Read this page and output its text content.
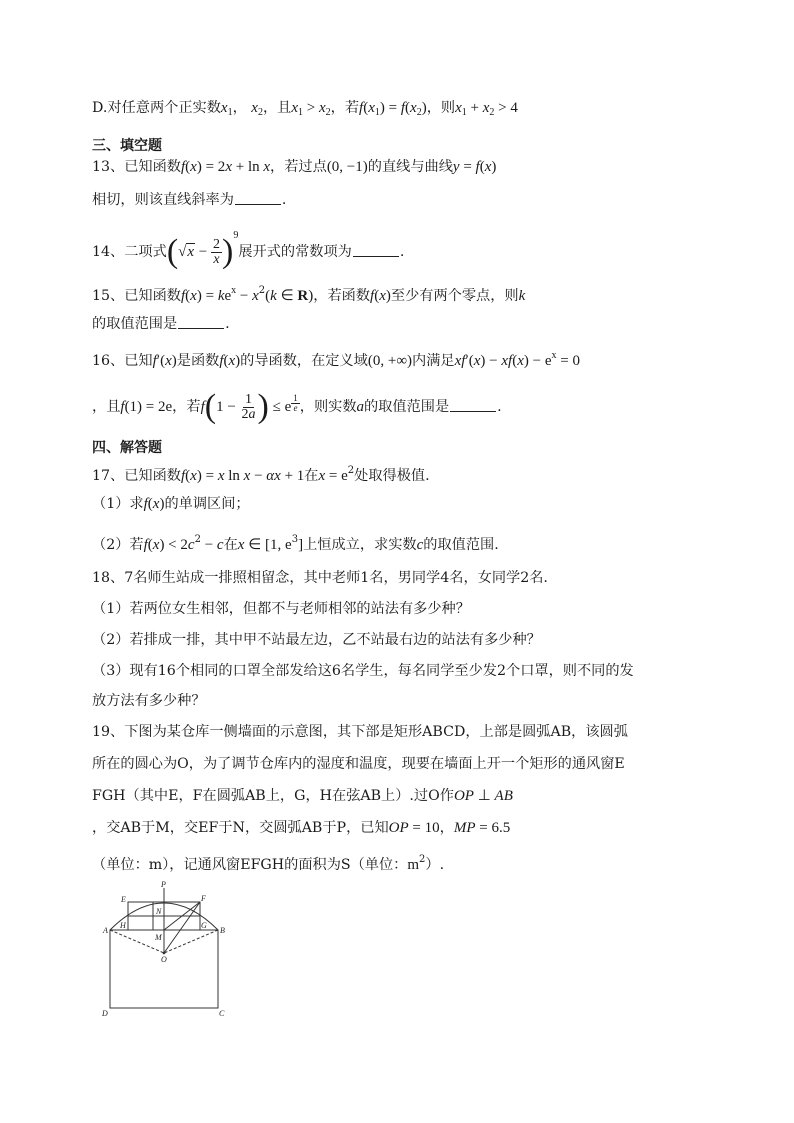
D.对任意两个正实数$x_1$， $x_2$，且$x_1 > x_2$，若$f(x_1) = f(x_2)$，则$x_1 + x_2 > 4$
三、填空题
13、已知函数f(x) = 2x + ln x，若过点(0, −1)的直线与曲线y = f(x)
相切，则该直线斜率为	.
14、二项式$(√x - \frac{2}{x} )^9$展开式的常数项为	.
15、已知函数$f(x) = ke^x - x^2(k$ ∈ R)，若函数f(x)至少有两个零点，则k
的取值范围是	.
16、已知f′(x)是函数f(x)的导函数，在定义域(0, +∞)内满足$xf'(x) - xf(x) - e^x = 0$
，且f(1) = 2e，若$f(1 - \frac{1}{2a}$ ) ≤ e $\frac{1}{e}$ ，则实数a的取值范围是	.
四、解答题
17、已知函数f(x) = x ln x − αx + 1在$x = e^2$处取得极值.
（1）求f(x)的单调区间；
（2）若$f(x) < 2c^2 - c$在x ∈ [1, $e^3$]上恒成立，求实数c的取值范围.
18、7名师生站成一排照相留念，其中老师1名，男同学4名，女同学2名.
（1）若两位女生相邻，但都不与老师相邻的站法有多少种？
（2）若排成一排，其中甲不站最左边，乙不站最右边的站法有多少种？
（3）现有16个相同的口罩全部发给这6名学生，每名同学至少发2个口罩，则不同的发
放方法有多少种？
19、下图为某仓库一侧墙面的示意图，其下部是矩形ABCD，上部是圆弧AB，该圆弧
所在的圆心为O，为了调节仓库内的湿度和温度，现要在墙面上开一个矩形的通风窗E
FGH（其中E，F在圆弧AB上，G，H在弦AB上）.过O作OP ⊥ AB
，交AB于M，交EF于N，交圆弧AB于P，已知OP = 10，MP = 6.5
（单位：m），记通风窗EFGH的面积为S（单位：$m^2$）.
P
E	F
N
H	G
A	B
M
O
D	C
